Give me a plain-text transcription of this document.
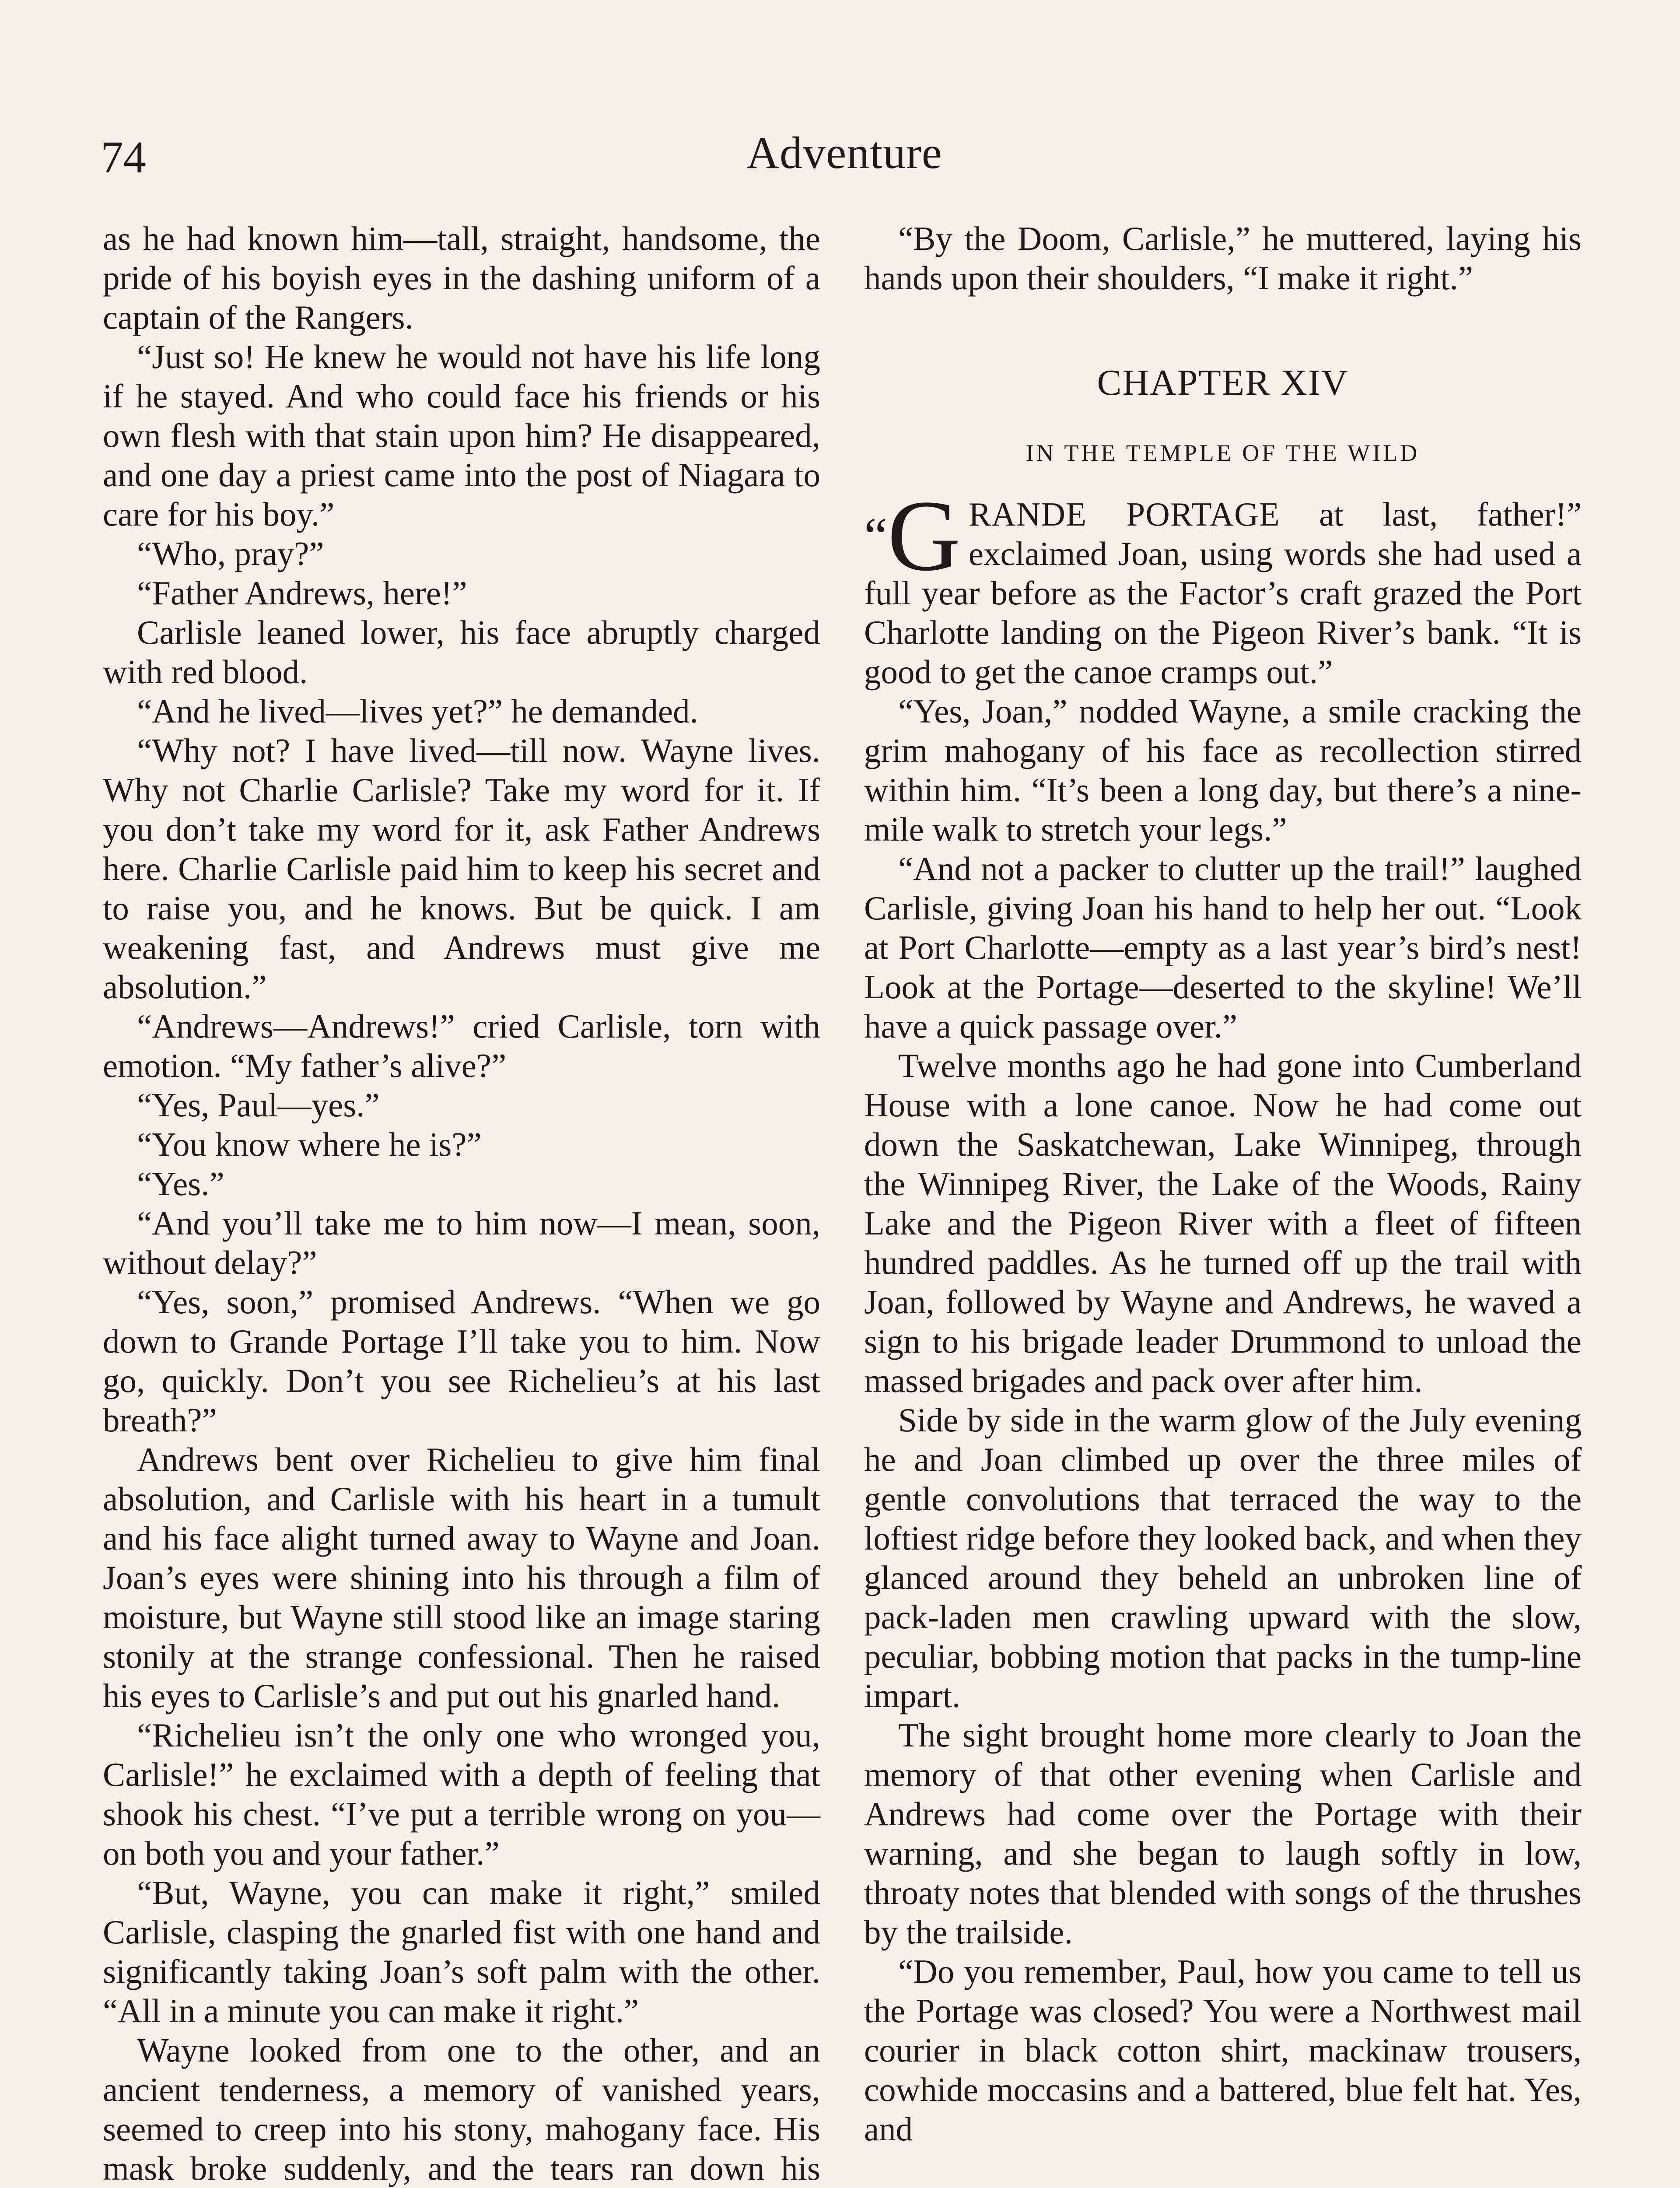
74	Adventure

as he had known him—tall, straight, handsome, the pride of his boyish eyes in the dashing uniform of a captain of the Rangers.

“Just so! He knew he would not have his life long if he stayed. And who could face his friends or his own flesh with that stain upon him? He disappeared, and one day a priest came into the post of Niagara to care for his boy.”

“Who, pray?”

“Father Andrews, here!”

Carlisle leaned lower, his face abruptly charged with red blood.

“And he lived—lives yet?” he demanded.

“Why not? I have lived—till now. Wayne lives. Why not Charlie Carlisle? Take my word for it. If you don’t take my word for it, ask Father Andrews here. Charlie Carlisle paid him to keep his secret and to raise you, and he knows. But be quick. I am weakening fast, and Andrews must give me absolution.”

“Andrews—Andrews!” cried Carlisle, torn with emotion. “My father’s alive?”

“Yes, Paul—yes.”

“You know where he is?”

“Yes.”

“And you’ll take me to him now—I mean, soon, without delay?”

“Yes, soon,” promised Andrews. “When we go down to Grande Portage I’ll take you to him. Now go, quickly. Don’t you see Richelieu’s at his last breath?”

Andrews bent over Richelieu to give him final absolution, and Carlisle with his heart in a tumult and his face alight turned away to Wayne and Joan. Joan’s eyes were shining into his through a film of moisture, but Wayne still stood like an image staring stonily at the strange confessional. Then he raised his eyes to Carlisle’s and put out his gnarled hand.

“Richelieu isn’t the only one who wronged you, Carlisle!” he exclaimed with a depth of feeling that shook his chest. “I’ve put a terrible wrong on you—on both you and your father.”

“But, Wayne, you can make it right,” smiled Carlisle, clasping the gnarled fist with one hand and significantly taking Joan’s soft palm with the other. “All in a minute you can make it right.”

Wayne looked from one to the other, and an ancient tenderness, a memory of vanished years, seemed to creep into his stony, mahogany face. His mask broke suddenly, and the tears ran down his

“By the Doom, Carlisle,” he muttered, laying his hands upon their shoulders, “I make it right.”

CHAPTER XIV
IN THE TEMPLE OF THE WILD

“G RANDE PORTAGE at last, father!” exclaimed Joan, using words she had used a full year before as the Factor’s craft grazed the Port Charlotte landing on the Pigeon River’s bank. “It is good to get the canoe cramps out.”

“Yes, Joan,” nodded Wayne, a smile cracking the grim mahogany of his face as recollection stirred within him. “It’s been a long day, but there’s a nine-mile walk to stretch your legs.”

“And not a packer to clutter up the trail!” laughed Carlisle, giving Joan his hand to help her out. “Look at Port Charlotte—empty as a last year’s bird’s nest! Look at the Portage—deserted to the skyline! We’ll have a quick passage over.”

Twelve months ago he had gone into Cumberland House with a lone canoe. Now he had come out down the Saskatchewan, Lake Winnipeg, through the Winnipeg River, the Lake of the Woods, Rainy Lake and the Pigeon River with a fleet of fifteen hundred paddles. As he turned off up the trail with Joan, followed by Wayne and Andrews, he waved a sign to his brigade leader Drummond to unload the massed brigades and pack over after him.

Side by side in the warm glow of the July evening he and Joan climbed up over the three miles of gentle convolutions that terraced the way to the loftiest ridge before they looked back, and when they glanced around they beheld an unbroken line of pack-laden men crawling upward with the slow, peculiar, bobbing motion that packs in the tump-line impart.

The sight brought home more clearly to Joan the memory of that other evening when Carlisle and Andrews had come over the Portage with their warning, and she began to laugh softly in low, throaty notes that blended with songs of the thrushes by the trailside.

“Do you remember, Paul, how you came to tell us the Portage was closed? You were a Northwest mail courier in black cotton shirt, mackinaw trousers, cowhide moccasins and a battered, blue felt hat. Yes, and
